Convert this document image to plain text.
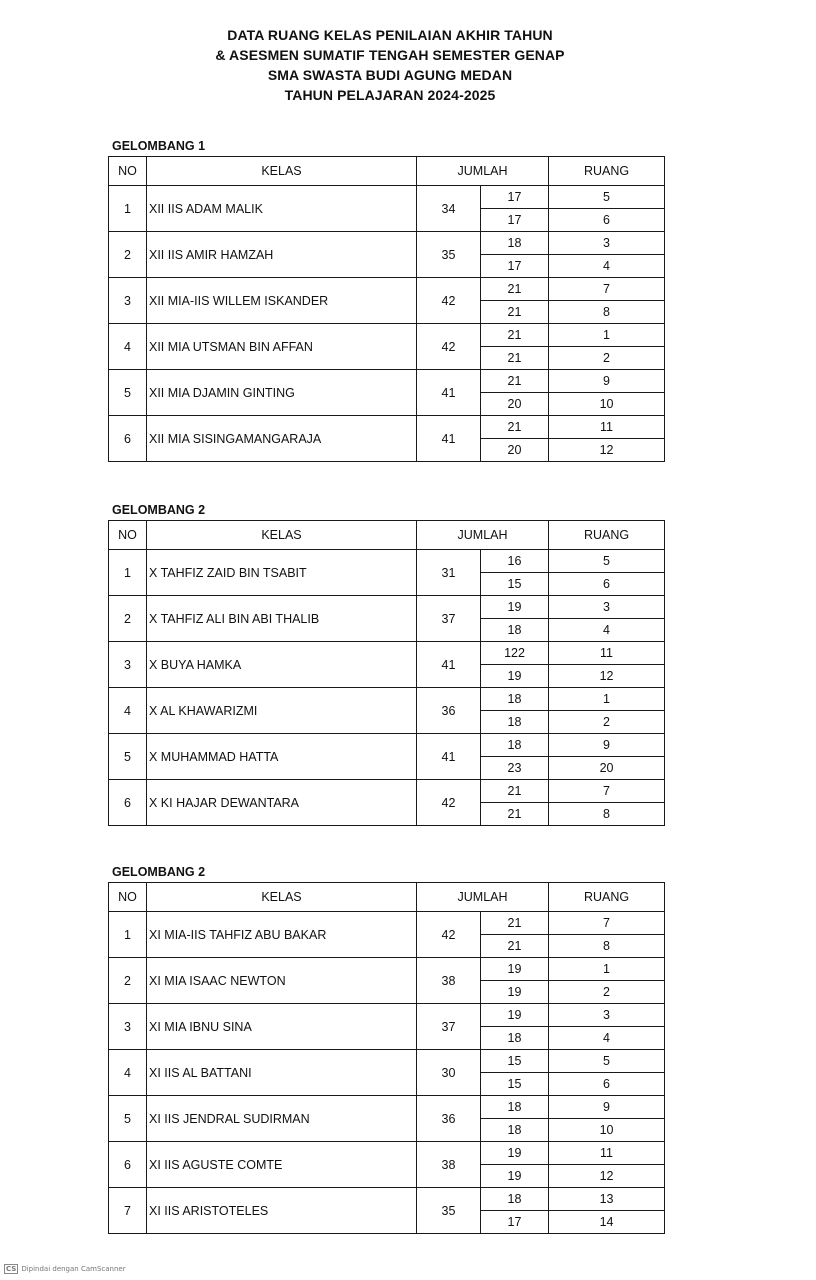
DATA RUANG KELAS PENILAIAN AKHIR TAHUN
& ASESMEN SUMATIF TENGAH SEMESTER GENAP
SMA SWASTA BUDI AGUNG MEDAN
TAHUN PELAJARAN 2024-2025
GELOMBANG 1
NO	KELAS	JUMLAH		RUANG
1	XII IIS ADAM MALIK	34	17	5
			17	6
2	XII IIS AMIR HAMZAH	35	18	3
			17	4
3	XII MIA-IIS WILLEM ISKANDER	42	21	7
			21	8
4	XII MIA UTSMAN BIN AFFAN	42	21	1
			21	2
5	XII MIA DJAMIN GINTING	41	21	9
			20	10
6	XII MIA SISINGAMANGARAJA	41	21	11
			20	12
GELOMBANG 2
NO	KELAS	JUMLAH		RUANG
1	X TAHFIZ ZAID BIN TSABIT	31	16	5
			15	6
2	X TAHFIZ ALI BIN ABI THALIB	37	19	3
			18	4
3	X BUYA HAMKA	41	122	11
			19	12
4	X AL KHAWARIZMI	36	18	1
			18	2
5	X MUHAMMAD HATTA	41	18	9
			23	20
6	X KI HAJAR DEWANTARA	42	21	7
			21	8
GELOMBANG 2
NO	KELAS	JUMLAH		RUANG
1	XI MIA-IIS TAHFIZ ABU BAKAR	42	21	7
			21	8
2	XI MIA ISAAC NEWTON	38	19	1
			19	2
3	XI MIA IBNU SINA	37	19	3
			18	4
4	XI IIS AL BATTANI	30	15	5
			15	6
5	XI IIS JENDRAL SUDIRMAN	36	18	9
			18	10
6	XI IIS AGUSTE COMTE	38	19	11
			19	12
7	XI IIS ARISTOTELES	35	18	13
			17	14
CS Dipindai dengan CamScanner
